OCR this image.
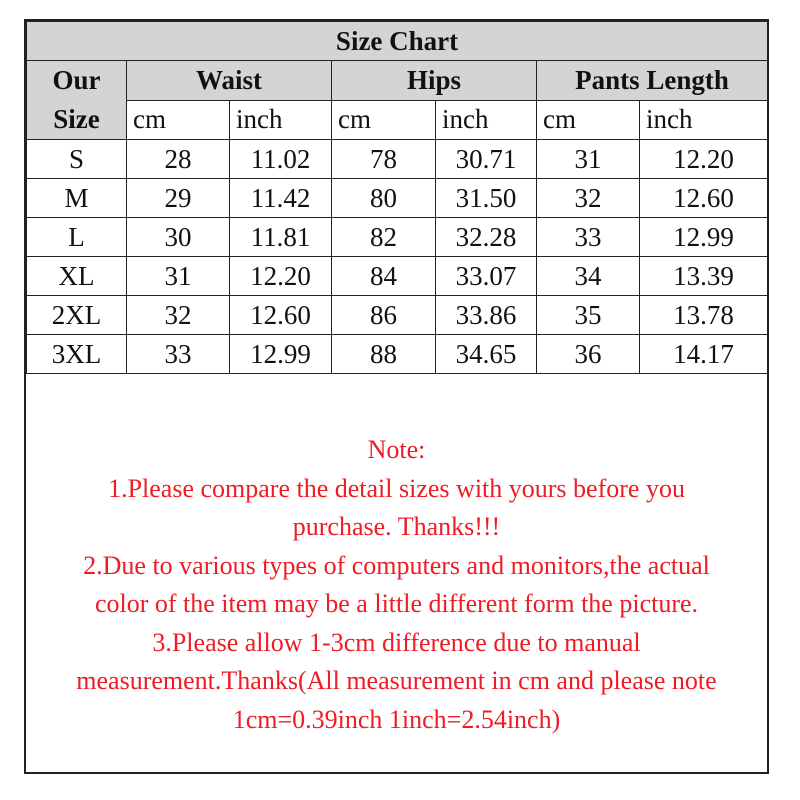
Size Chart						

Our
Size	Waist		Hips		Pants Length	
	cm	inch	cm	inch	cm	inch
S	28	11.02	78	30.71	31	12.20
M	29	11.42	80	31.50	32	12.60
L	30	11.81	82	32.28	33	12.99
XL	31	12.20	84	33.07	34	13.39
2XL	32	12.60	86	33.86	35	13.78
3XL	33	12.99	88	34.65	36	14.17
Note:
1.Please compare the detail sizes with yours before you
purchase. Thanks!!!
2.Due to various types of computers and monitors,the actual
color of the item may be a little different form the picture.
3.Please allow 1-3cm difference due to manual
measurement.Thanks(All measurement in cm and please note
1cm=0.39inch 1inch=2.54inch)
